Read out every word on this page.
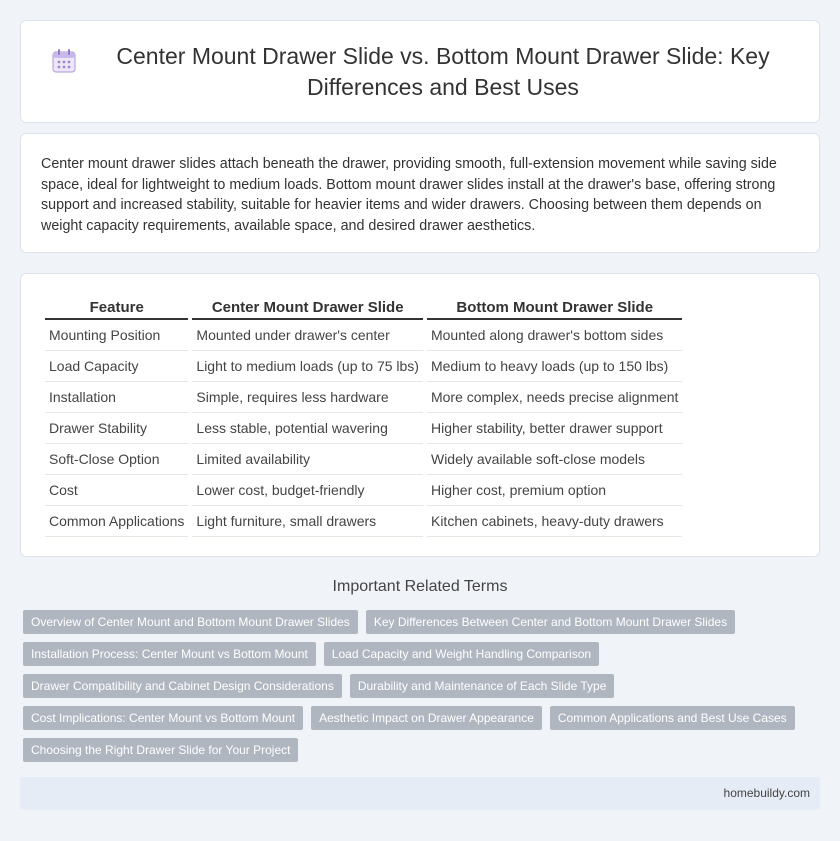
Center Mount Drawer Slide vs. Bottom Mount Drawer Slide: Key Differences and Best Uses

Center mount drawer slides attach beneath the drawer, providing smooth, full-extension movement while saving side space, ideal for lightweight to medium loads. Bottom mount drawer slides install at the drawer's base, offering strong support and increased stability, suitable for heavier items and wider drawers. Choosing between them depends on weight capacity requirements, available space, and desired drawer aesthetics.

Feature	Center Mount Drawer Slide	Bottom Mount Drawer Slide
Mounting Position	Mounted under drawer's center	Mounted along drawer's bottom sides
Load Capacity	Light to medium loads (up to 75 lbs)	Medium to heavy loads (up to 150 lbs)
Installation	Simple, requires less hardware	More complex, needs precise alignment
Drawer Stability	Less stable, potential wavering	Higher stability, better drawer support
Soft-Close Option	Limited availability	Widely available soft-close models
Cost	Lower cost, budget-friendly	Higher cost, premium option
Common Applications	Light furniture, small drawers	Kitchen cabinets, heavy-duty drawers
Important Related Terms
Overview of Center Mount and Bottom Mount Drawer Slides	Key Differences Between Center and Bottom Mount Drawer Slides
Installation Process: Center Mount vs Bottom Mount	Load Capacity and Weight Handling Comparison
Drawer Compatibility and Cabinet Design Considerations	Durability and Maintenance of Each Slide Type
Cost Implications: Center Mount vs Bottom Mount	Aesthetic Impact on Drawer Appearance	Common Applications and Best Use Cases
Choosing the Right Drawer Slide for Your Project
homebuildy.com
